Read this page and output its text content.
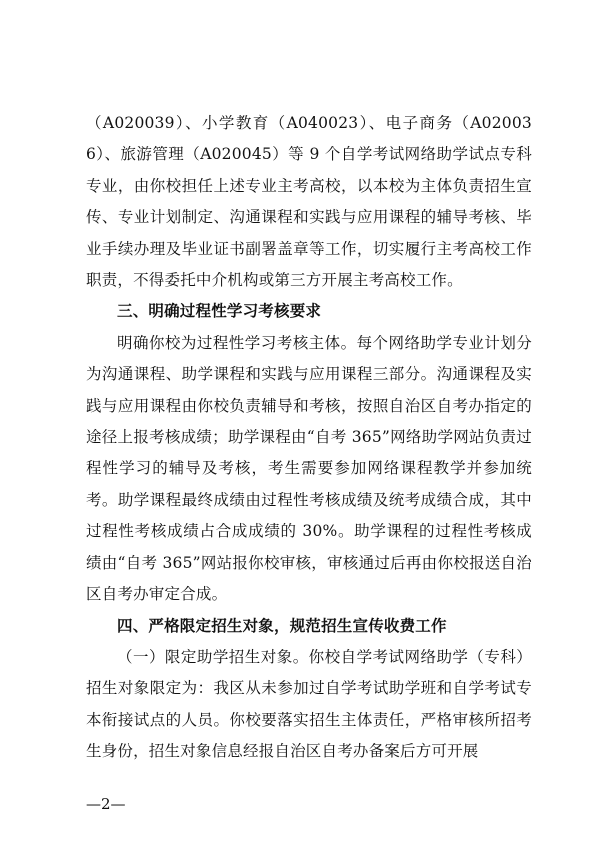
（A020039）、小学教育（A040023）、电子商务（A020036）、旅游管理（A020045）等 9 个自学考试网络助学试点专科专业，由你校担任上述专业主考高校，以本校为主体负责招生宣传、专业计划制定、沟通课程和实践与应用课程的辅导考核、毕业手续办理及毕业证书副署盖章等工作，切实履行主考高校工作职责，不得委托中介机构或第三方开展主考高校工作。

三、明确过程性学习考核要求

明确你校为过程性学习考核主体。每个网络助学专业计划分为沟通课程、助学课程和实践与应用课程三部分。沟通课程及实践与应用课程由你校负责辅导和考核，按照自治区自考办指定的途径上报考核成绩；助学课程由“自考 365”网络助学网站负责过程性学习的辅导及考核，考生需要参加网络课程教学并参加统考。助学课程最终成绩由过程性考核成绩及统考成绩合成，其中过程性考核成绩占合成成绩的 30%。助学课程的过程性考核成绩由“自考 365”网站报你校审核，审核通过后再由你校报送自治区自考办审定合成。

四、严格限定招生对象，规范招生宣传收费工作

（一）限定助学招生对象。你校自学考试网络助学（专科）招生对象限定为：我区从未参加过自学考试助学班和自学考试专本衔接试点的人员。你校要落实招生主体责任，严格审核所招考生身份，招生对象信息经报自治区自考办备案后方可开展

—2—
